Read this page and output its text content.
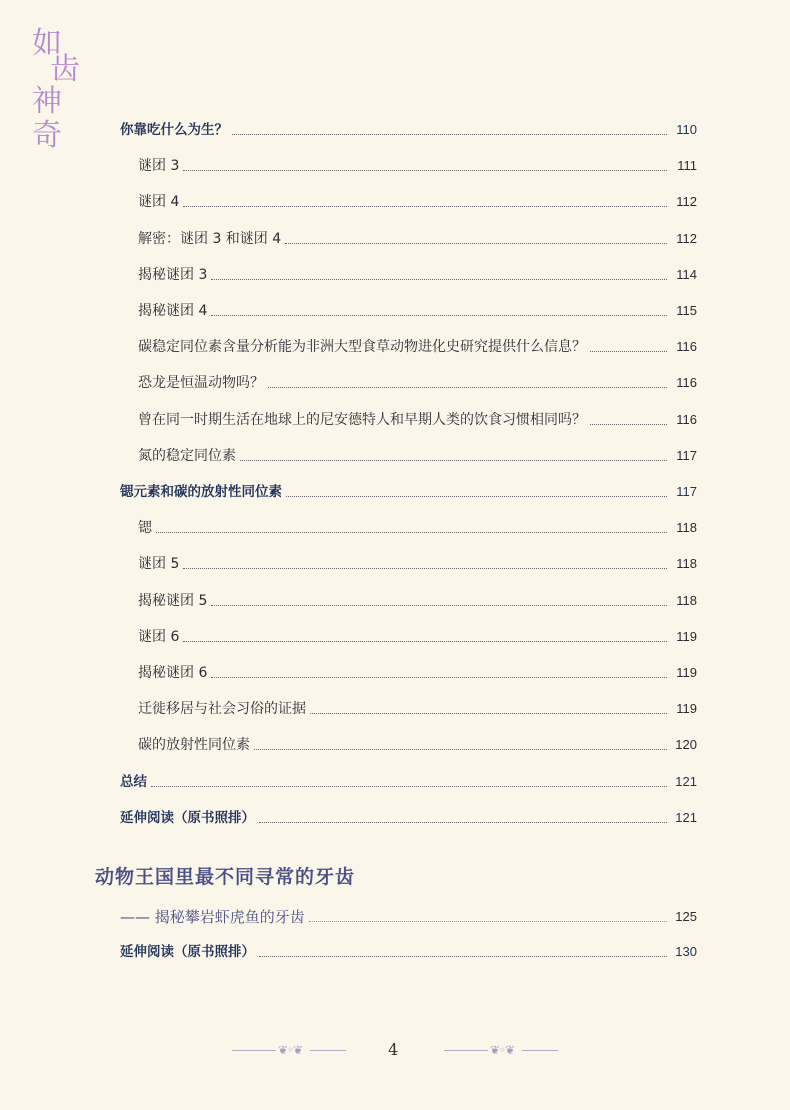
如
齿
神
奇	你靠吃什么为生？	110
谜团 3	111
谜团 4	112
解密：谜团 3 和谜团 4	112
揭秘谜团 3	114
揭秘谜团 4	115
碳稳定同位素含量分析能为非洲大型食草动物进化史研究提供什么信息？	116
恐龙是恒温动物吗？	116
曾在同一时期生活在地球上的尼安德特人和早期人类的饮食习惯相同吗？	116
氮的稳定同位素	117
锶元素和碳的放射性同位素	117
锶	118
谜团 5	118
揭秘谜团 5	118
谜团 6	119
揭秘谜团 6	119
迁徙移居与社会习俗的证据	119
碳的放射性同位素	120
总结	121
延伸阅读（原书照排）	121
动物王国里最不同寻常的牙齿
—— 揭秘攀岩虾虎鱼的牙齿	125
延伸阅读（原书照排）	130
❦◦❦	4	❦◦❦
